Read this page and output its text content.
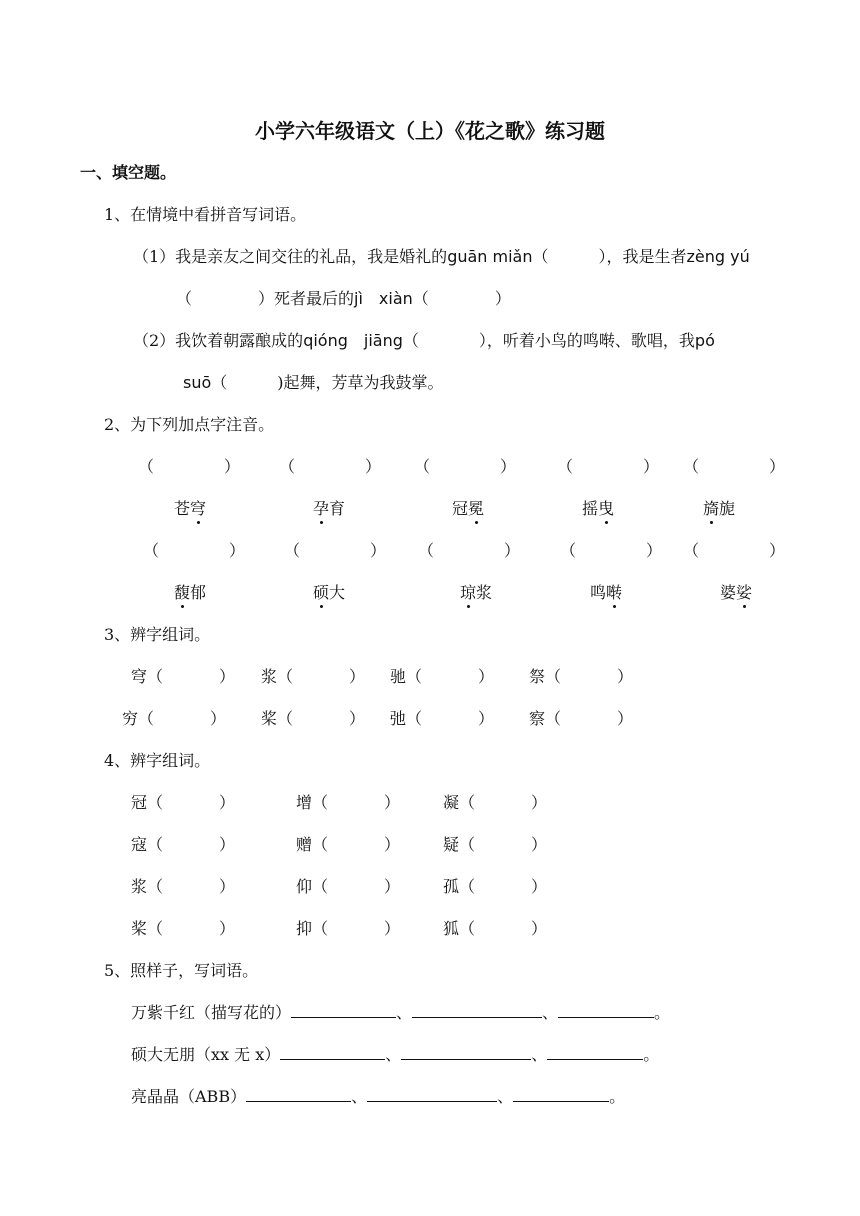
小学六年级语文（上）《花之歌》练习题
一、填空题。
1、在情境中看拼音写词语。
（1）我是亲友之间交往的礼品，我是婚礼的guān miǎn（	），我是生者zèng yú
（	）死者最后的jì　xiàn（	）
（2）我饮着朝露酿成的qióng　jiāng（	），听着小鸟的鸣啭、歌唱，我pó
suō（	)起舞，芳草为我鼓掌。
2、为下列加点字注音。
（	） （	） （	）	（	） （	）
苍穹	孕育	冠冕	摇曳	旖旎
（	） （	） （	） （	） （	）
馥郁	硕大	琼浆	鸣啭	婆娑
3、辨字组词。
穹（	） 浆（	） 驰（	） 祭（	）
穷（	） 桨（	） 弛（	） 察（	）
4、辨字组词。
冠（	）	增（	）	凝（	）
寇（	）	赠（	）	疑（	）
浆（	）	仰（	）	孤（	）
桨（	）	抑（	）	狐（	）
5、照样子，写词语。
万紫千红（描写花的）	、	、	。
硕大无朋（xx 无 x）	、	、	。
亮晶晶（ABB）	、	、	。
